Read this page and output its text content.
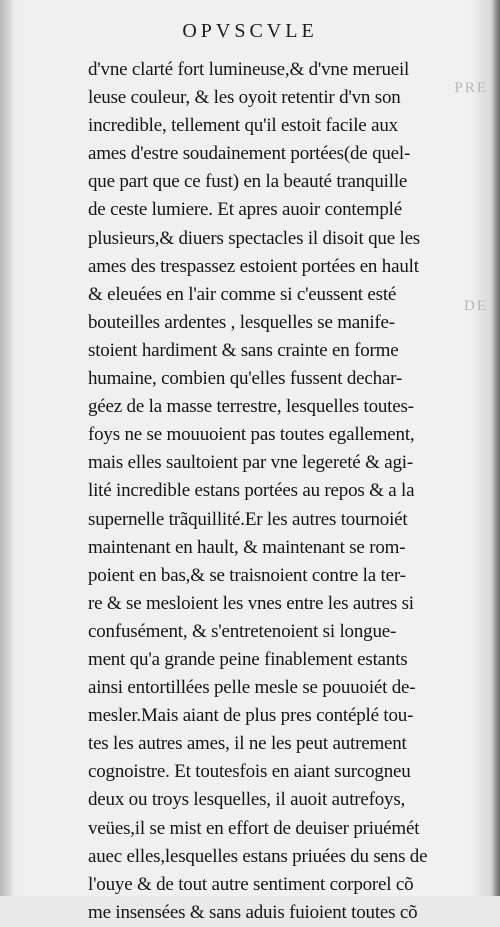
OPVSCVLE
PRE
DE
d'vne clarté fort lumineuse,& d'vne merueil
leuse couleur, & les oyoit retentir d'vn son
incredible, tellement qu'il estoit facile aux
ames d'estre soudainement portées(de quel-
que part que ce fust) en la beauté tranquille
de ceste lumiere. Et apres auoir contemplé
plusieurs,& diuers spectacles il disoit que les
ames des trespassez estoient portées en hault
& eleuées en l'air comme si c'eussent esté
bouteilles ardentes , lesquelles se manife-
stoient hardiment & sans crainte en forme
humaine, combien qu'elles fussent dechar-
géez de la masse terrestre, lesquelles toutes-
foys ne se mouuoient pas toutes egallement,
mais elles saultoient par vne legereté & agi-
lité incredible estans portées au repos & a la
supernelle trãquillité.Er les autres tournoiét
maintenant en hault, & maintenant se rom-
poient en bas,& se traisnoient contre la ter-
re & se mesloient les vnes entre les autres si
confusément, & s'entretenoient si longue-
ment qu'a grande peine finablement estants
ainsi entortillées pelle mesle se pouuoiét de-
mesler.Mais aiant de plus pres contéplé tou-
tes les autres ames, il ne les peut autrement
cognoistre. Et toutesfois en aiant surcogneu
deux ou troys lesquelles, il auoit autrefoys,
veües,il se mist en effort de deuiser priuémét
auec elles,lesquelles estans priuées du sens de
l'ouye & de tout autre sentiment corporel cõ
me insensées & sans aduis fuioient toutes cõ
